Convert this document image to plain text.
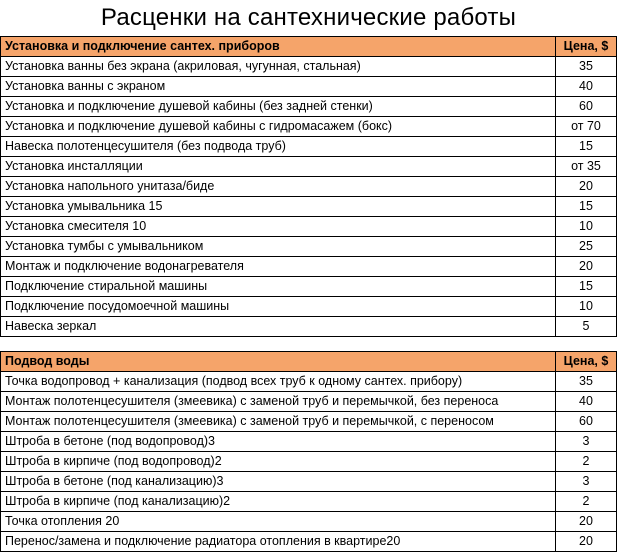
Расценки на сантехнические работы
Установка и подключение сантех. приборов	Цена, $
Установка ванны без экрана (акриловая, чугунная, стальная)	35
Установка ванны с экраном	40
Установка и подключение душевой кабины (без задней стенки)	60
Установка и подключение душевой кабины с гидромасажем (бокс)	от 70
Навеска полотенцесушителя (без подвода труб)	15
Установка инсталляции	от 35
Установка напольного унитаза/биде	20
Установка умывальника 15	15
Установка смесителя 10	10
Установка тумбы с умывальником	25
Монтаж и подключение водонагревателя	20
Подключение стиральной машины	15
Подключение посудомоечной машины	10
Навеска зеркал	5

Подвод воды	Цена, $
Точка водопровод + канализация (подвод всех труб к одному сантех. прибору)	35
Монтаж полотенцесушителя (змеевика) с заменой труб и перемычкой, без переноса	40
Монтаж полотенцесушителя (змеевика) с заменой труб и перемычкой, с переносом	60
Штроба в бетоне (под водопровод)3	3
Штроба в кирпиче (под водопровод)2	2
Штроба в бетоне (под канализацию)3	3
Штроба в кирпиче (под канализацию)2	2
Точка отопления 20	20
Перенос/замена и подключение радиатора отопления в квартире20	20
